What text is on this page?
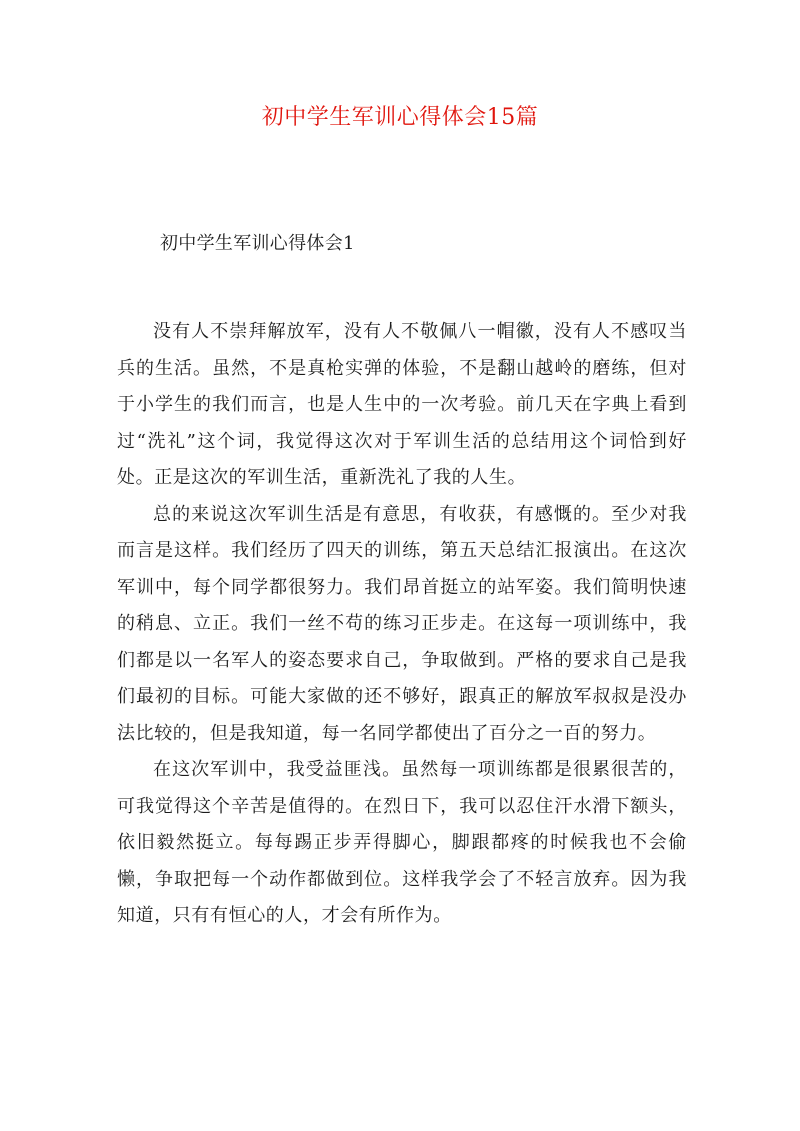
初中学生军训心得体会15篇
初中学生军训心得体会1

没有人不崇拜解放军，没有人不敬佩八一帽徽，没有人不感叹当兵的生活。虽然，不是真枪实弹的体验，不是翻山越岭的磨练，但对于小学生的我们而言，也是人生中的一次考验。前几天在字典上看到过“洗礼”这个词，我觉得这次对于军训生活的总结用这个词恰到好处。正是这次的军训生活，重新洗礼了我的人生。

总的来说这次军训生活是有意思，有收获，有感慨的。至少对我而言是这样。我们经历了四天的训练，第五天总结汇报演出。在这次军训中，每个同学都很努力。我们昂首挺立的站军姿。我们简明快速的稍息、立正。我们一丝不苟的练习正步走。在这每一项训练中，我们都是以一名军人的姿态要求自己，争取做到。严格的要求自己是我们最初的目标。可能大家做的还不够好，跟真正的解放军叔叔是没办法比较的，但是我知道，每一名同学都使出了百分之一百的努力。

在这次军训中，我受益匪浅。虽然每一项训练都是很累很苦的，可我觉得这个辛苦是值得的。在烈日下，我可以忍住汗水滑下额头，依旧毅然挺立。每每踢正步弄得脚心，脚跟都疼的时候我也不会偷懒，争取把每一个动作都做到位。这样我学会了不轻言放弃。因为我知道，只有有恒心的人，才会有所作为。
